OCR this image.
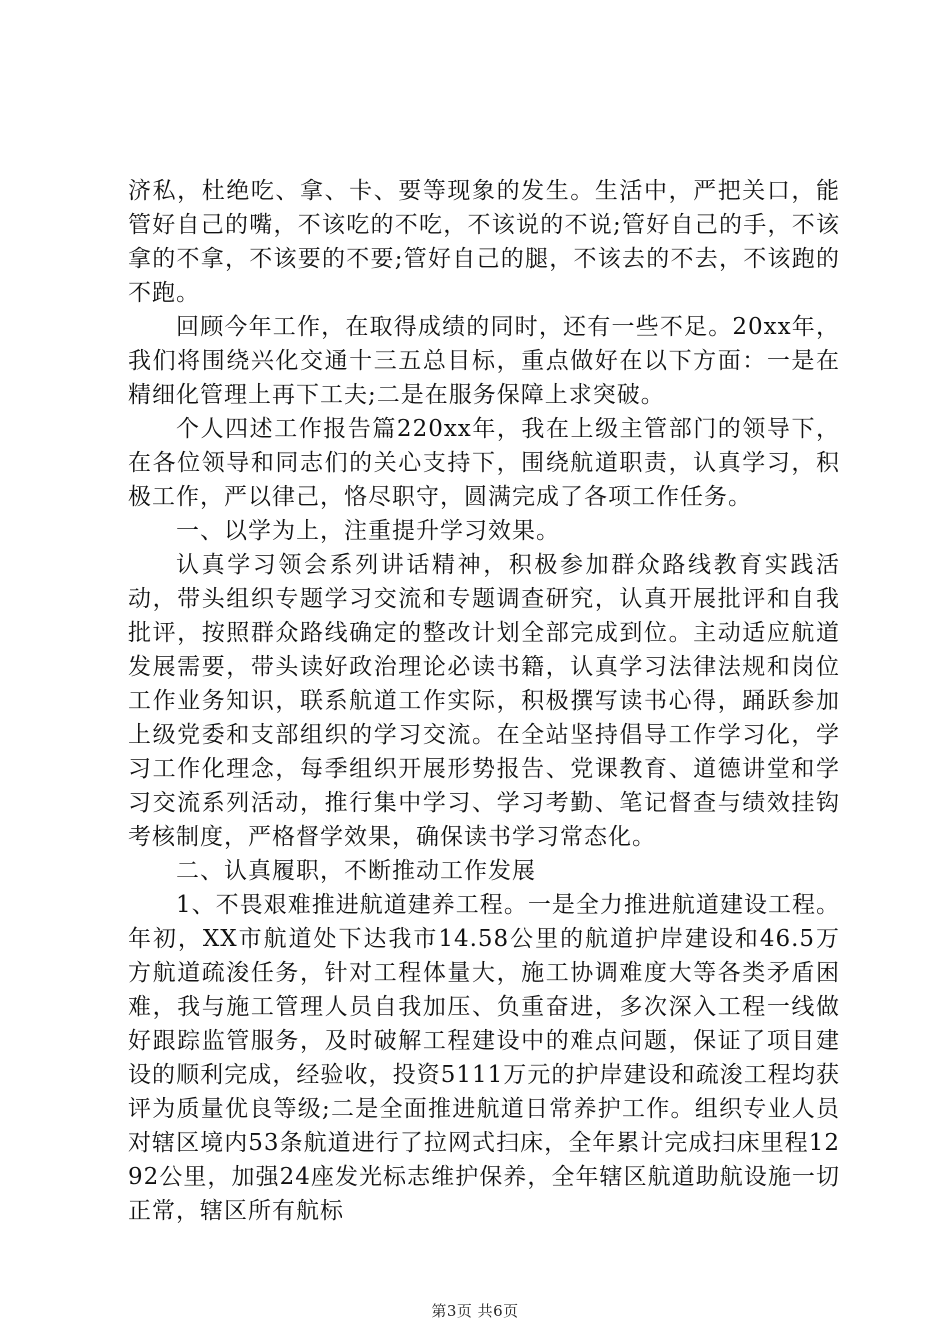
济私，杜绝吃、拿、卡、要等现象的发生。生活中，严把关口，能管好自己的嘴，不该吃的不吃，不该说的不说;管好自己的手，不该拿的不拿，不该要的不要;管好自己的腿，不该去的不去，不该跑的不跑。

回顾今年工作，在取得成绩的同时，还有一些不足。20xx年，我们将围绕兴化交通十三五总目标，重点做好在以下方面：一是在精细化管理上再下工夫;二是在服务保障上求突破。

个人四述工作报告篇220xx年，我在上级主管部门的领导下，在各位领导和同志们的关心支持下，围绕航道职责，认真学习，积极工作，严以律己，恪尽职守，圆满完成了各项工作任务。

一、以学为上，注重提升学习效果。

认真学习领会系列讲话精神，积极参加群众路线教育实践活动，带头组织专题学习交流和专题调查研究，认真开展批评和自我批评，按照群众路线确定的整改计划全部完成到位。主动适应航道发展需要，带头读好政治理论必读书籍，认真学习法律法规和岗位工作业务知识，联系航道工作实际，积极撰写读书心得，踊跃参加上级党委和支部组织的学习交流。在全站坚持倡导工作学习化，学习工作化理念，每季组织开展形势报告、党课教育、道德讲堂和学习交流系列活动，推行集中学习、学习考勤、笔记督查与绩效挂钩考核制度，严格督学效果，确保读书学习常态化。

二、认真履职，不断推动工作发展

1、不畏艰难推进航道建养工程。一是全力推进航道建设工程。年初，XX市航道处下达我市14.58公里的航道护岸建设和46.5万方航道疏浚任务，针对工程体量大，施工协调难度大等各类矛盾困难，我与施工管理人员自我加压、负重奋进，多次深入工程一线做好跟踪监管服务，及时破解工程建设中的难点问题，保证了项目建设的顺利完成，经验收，投资5111万元的护岸建设和疏浚工程均获评为质量优良等级;二是全面推进航道日常养护工作。组织专业人员对辖区境内53条航道进行了拉网式扫床，全年累计完成扫床里程1292公里，加强24座发光标志维护保养，全年辖区航道助航设施一切正常，辖区所有航标

第3页 共6页
